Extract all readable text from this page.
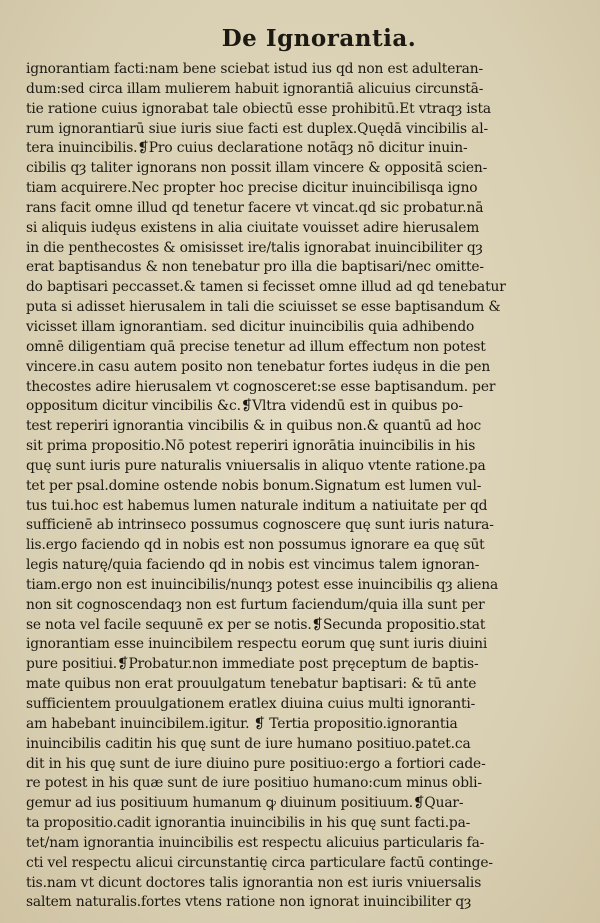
De Ignorantia.
ignorantiam facti:nam bene sciebat istud ius qd non est adulteran-
dum:sed circa illam mulierem habuit ignorantiā alicuius circunstā-
tie ratione cuius ignorabat tale obiectū esse prohibitū.Et vtraqȝ ista
rum ignorantiarū siue iuris siue facti est duplex.Quędā vincibilis al-
tera inuincibilis.❡Pro cuius declaratione notāqȝ nō dicitur inuin-
cibilis qȝ taliter ignorans non possit illam vincere & oppositā scien-
tiam acquirere.Nec propter hoc precise dicitur inuincibilisqa igno
rans facit omne illud qd tenetur facere vt vincat.qd sic probatur.nā
si aliquis iudęus existens in alia ciuitate vouisset adire hierusalem
in die penthecostes & omisisset ire/talis ignorabat inuincibiliter qȝ
erat baptisandus & non tenebatur pro illa die baptisari/nec omitte-
do baptisari peccasset.& tamen si fecisset omne illud ad qd tenebatur
puta si adisset hierusalem in tali die sciuisset se esse baptisandum &
vicisset illam ignorantiam. sed dicitur inuincibilis quia adhibendo
omnē diligentiam quā precise tenetur ad illum effectum non potest
vincere.in casu autem posito non tenebatur fortes iudęus in die pen
thecostes adire hierusalem vt cognosceret:se esse baptisandum. per
oppositum dicitur vincibilis &c.❡Vltra videndū est in quibus po-
test reperiri ignorantia vincibilis & in quibus non.& quantū ad hoc
sit prima propositio.Nō potest reperiri ignorātia inuincibilis in his
quę sunt iuris pure naturalis vniuersalis in aliquo vtente ratione.pa
tet per psal.domine ostende nobis bonum.Signatum est lumen vul-
tus tui.hoc est habemus lumen naturale inditum a natiuitate per qd
sufficienē ab intrinseco possumus cognoscere quę sunt iuris natura-
lis.ergo faciendo qd in nobis est non possumus ignorare ea quę sūt
legis naturę/quia faciendo qd in nobis est vincimus talem ignoran-
tiam.ergo non est inuincibilis/nunqȝ potest esse inuincibilis qȝ aliena
non sit cognoscendaqȝ non est furtum faciendum/quia illa sunt per
se nota vel facile sequunē ex per se notis.❡Secunda propositio.stat
ignorantiam esse inuincibilem respectu eorum quę sunt iuris diuini
pure positiui.❡Probatur.non immediate post pręceptum de baptis-
mate quibus non erat prouulgatum tenebatur baptisari: & tū ante
sufficientem prouulgationem eratlex diuina cuius multi ignoranti-
am habebant inuincibilem.igitur. ❡ Tertia propositio.ignorantia
inuincibilis caditin his quę sunt de iure humano positiuo.patet.ca
dit in his quę sunt de iure diuino pure positiuo:ergo a fortiori cade-
re potest in his quæ sunt de iure positiuo humano:cum minus obli-
gemur ad ius positiuum humanum ꝙ diuinum positiuum.❡Quar-
ta propositio.cadit ignorantia inuincibilis in his quę sunt facti.pa-
tet/nam ignorantia inuincibilis est respectu alicuius particularis fa-
cti vel respectu alicui circunstantię circa particulare factū continge-
tis.nam vt dicunt doctores talis ignorantia non est iuris vniuersalis
saltem naturalis.fortes vtens ratione non ignorat inuincibiliter qȝ
